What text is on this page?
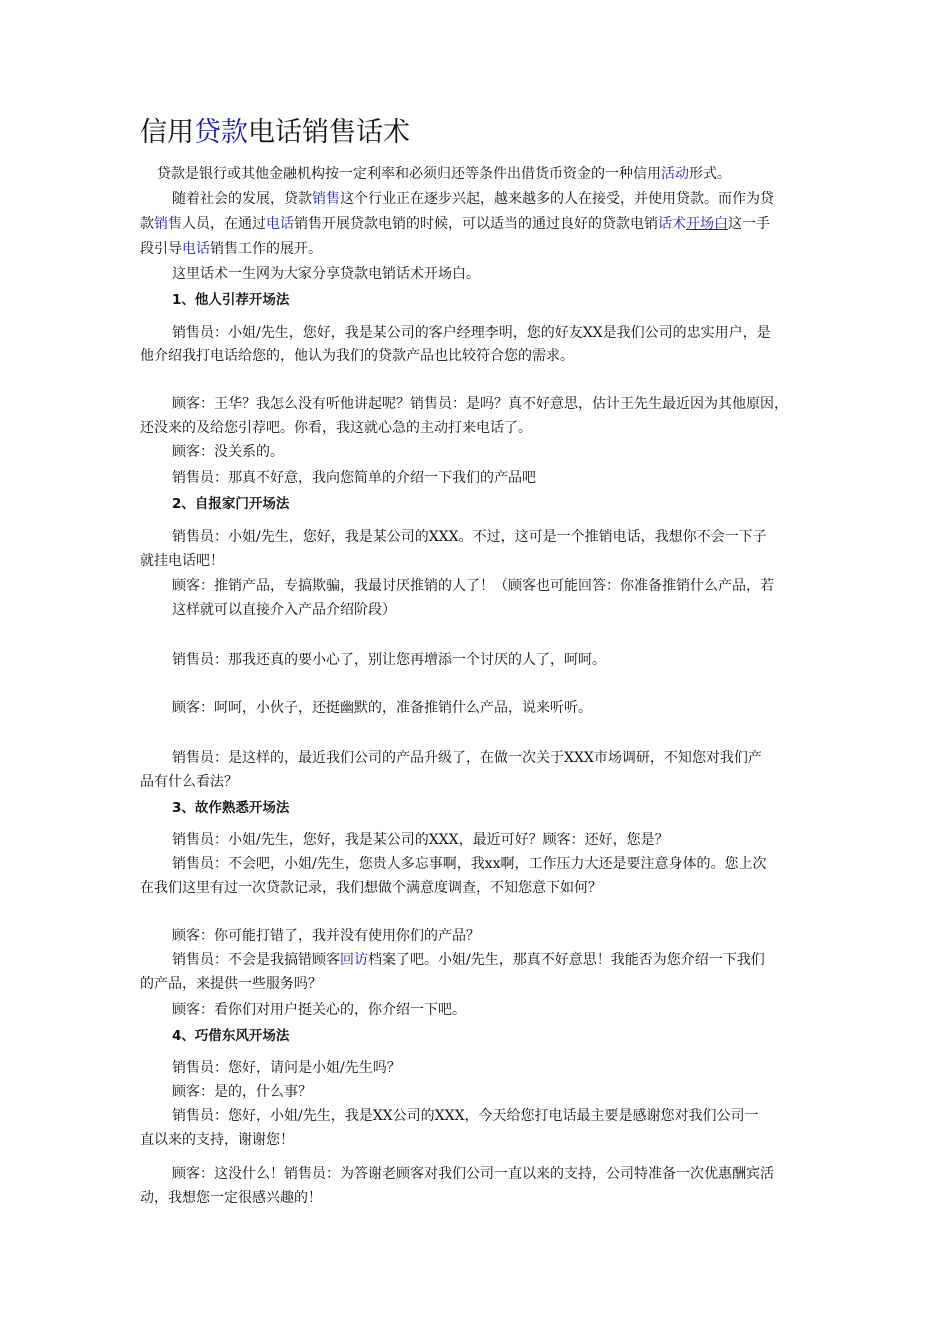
信用贷款电话销售话术
贷款是银行或其他金融机构按一定利率和必须归还等条件出借货币资金的一种信用活动形式。
随着社会的发展，贷款销售这个行业正在逐步兴起，越来越多的人在接受，并使用贷款。而作为贷
款销售人员，在通过电话销售开展贷款电销的时候，可以适当的通过良好的贷款电销话术开场白这一手
段引导电话销售工作的展开。
这里话术一生网为大家分享贷款电销话术开场白。
1、他人引荐开场法
销售员：小姐/先生，您好，我是某公司的客户经理李明，您的好友XX是我们公司的忠实用户，是
他介绍我打电话给您的，他认为我们的贷款产品也比较符合您的需求。
顾客：王华？我怎么没有听他讲起呢？销售员：是吗？真不好意思，估计王先生最近因为其他原因，
还没来的及给您引荐吧。你看，我这就心急的主动打来电话了。
顾客：没关系的。
销售员：那真不好意，我向您简单的介绍一下我们的产品吧
2、自报家门开场法
销售员：小姐/先生，您好，我是某公司的XXX。不过，这可是一个推销电话，我想你不会一下子
就挂电话吧！
顾客：推销产品，专搞欺骗，我最讨厌推销的人了！（顾客也可能回答：你准备推销什么产品，若
这样就可以直接介入产品介绍阶段）
销售员：那我还真的要小心了，别让您再增添一个讨厌的人了，呵呵。
顾客：呵呵，小伙子，还挺幽默的，准备推销什么产品，说来听听。
销售员：是这样的，最近我们公司的产品升级了，在做一次关于XXX市场调研，不知您对我们产
品有什么看法？
3、故作熟悉开场法
销售员：小姐/先生，您好，我是某公司的XXX，最近可好？顾客：还好，您是？
销售员：不会吧，小姐/先生，您贵人多忘事啊，我xx啊，工作压力大还是要注意身体的。您上次
在我们这里有过一次贷款记录，我们想做个满意度调查，不知您意下如何？
顾客：你可能打错了，我并没有使用你们的产品？
销售员：不会是我搞错顾客回访档案了吧。小姐/先生，那真不好意思！我能否为您介绍一下我们
的产品，来提供一些服务吗？
顾客：看你们对用户挺关心的，你介绍一下吧。
4、巧借东风开场法
销售员：您好，请问是小姐/先生吗？
顾客：是的，什么事？
销售员：您好，小姐/先生，我是XX公司的XXX，今天给您打电话最主要是感谢您对我们公司一
直以来的支持，谢谢您！
顾客：这没什么！销售员：为答谢老顾客对我们公司一直以来的支持，公司特准备一次优惠酬宾活
动，我想您一定很感兴趣的！
